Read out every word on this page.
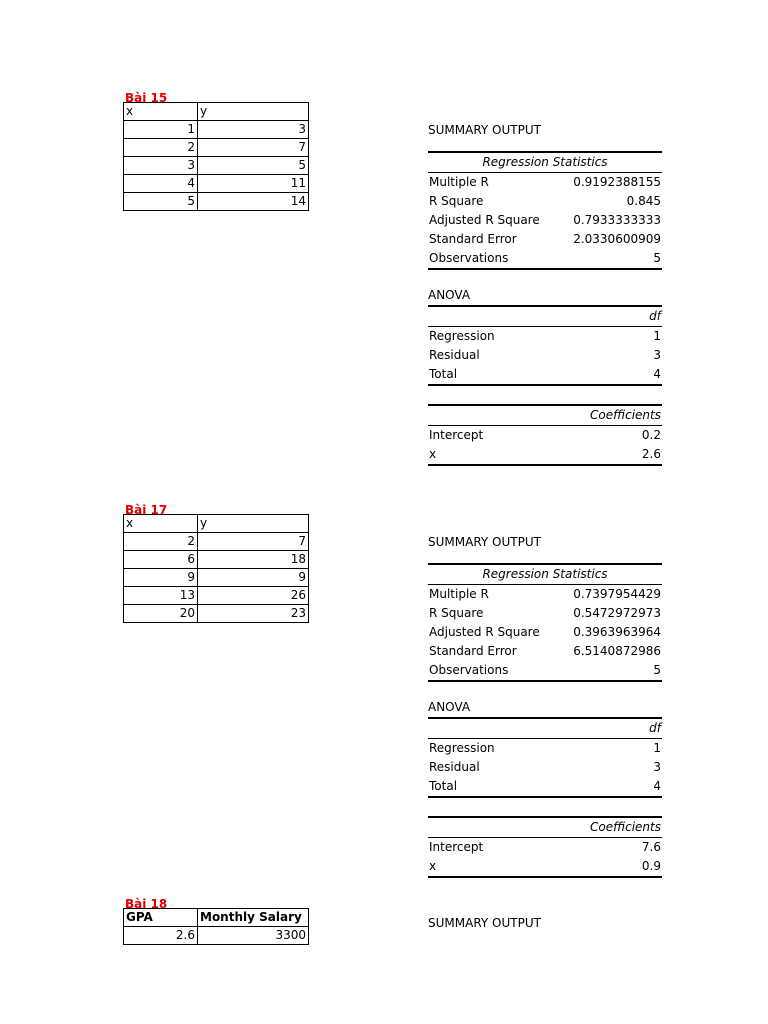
Bài 15
x	y
1	3
2	7
3	5
4	11
5	14
SUMMARY OUTPUT
Regression Statistics	
Multiple R	0.9192388155
R Square	0.845
Adjusted R Square	0.7933333333
Standard Error	2.0330600909
Observations	5
ANOVA
	df
Regression	1
Residual	3
Total	4
	Coefficients
Intercept	0.2
x	2.6
Bài 17
x	y
2	7
6	18
9	9
13	26
20	23
SUMMARY OUTPUT
Regression Statistics	
Multiple R	0.7397954429
R Square	0.5472972973
Adjusted R Square	0.3963963964
Standard Error	6.5140872986
Observations	5
ANOVA
	df
Regression	1
Residual	3
Total	4
	Coefficients
Intercept	7.6
x	0.9
Bài 18
GPA	Monthly Salary
2.6	3300
SUMMARY OUTPUT
